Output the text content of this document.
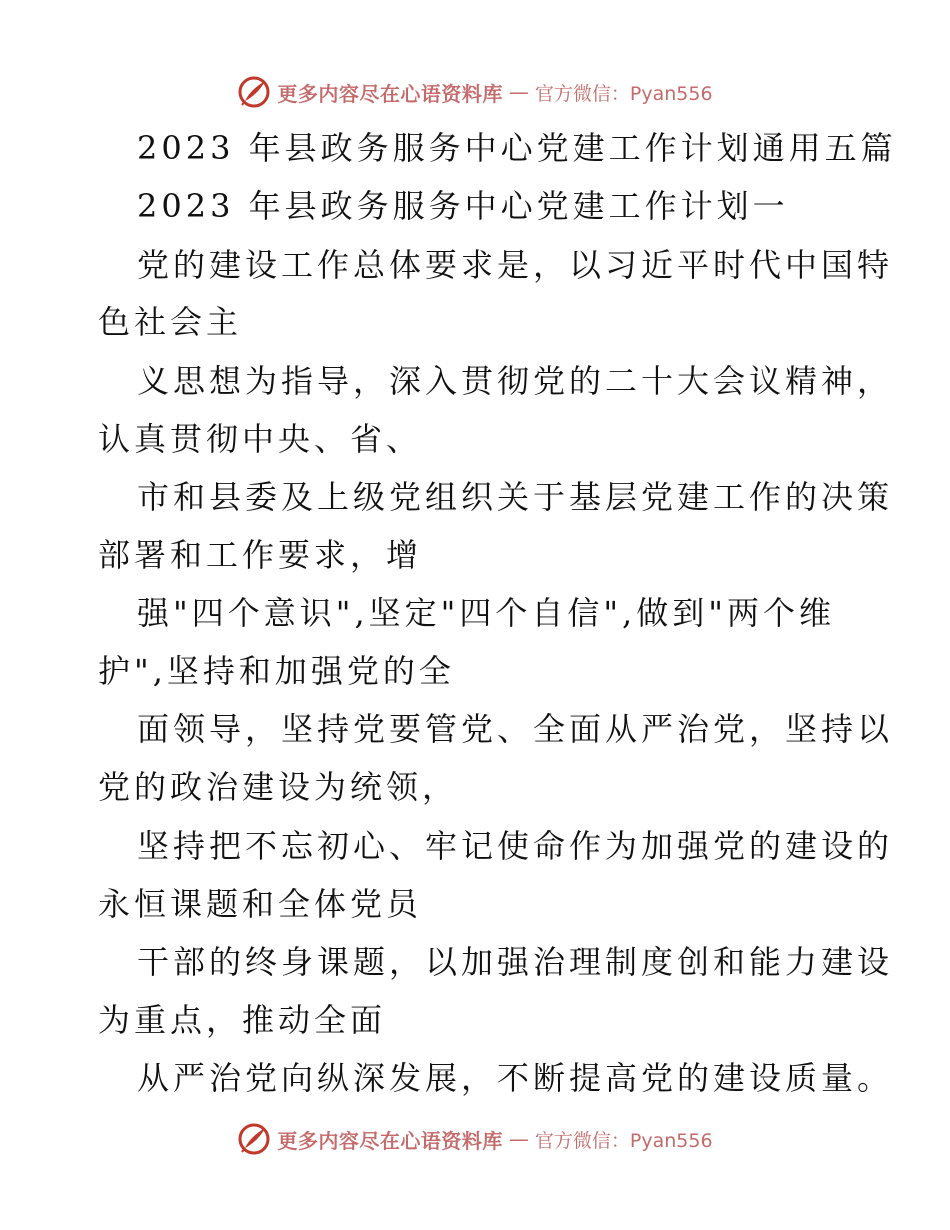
更多内容尽在心语资料库 — 官方微信：Pyan556
2023 年县政务服务中心党建工作计划通用五篇
2023 年县政务服务中心党建工作计划一
党的建设工作总体要求是，以习近平时代中国特
色社会主
义思想为指导，深入贯彻党的二十大会议精神，
认真贯彻中央、省、
市和县委及上级党组织关于基层党建工作的决策
部署和工作要求，增
强"四个意识",坚定"四个自信",做到"两个维
护",坚持和加强党的全
面领导，坚持党要管党、全面从严治党，坚持以
党的政治建设为统领，
坚持把不忘初心、牢记使命作为加强党的建设的
永恒课题和全体党员
干部的终身课题，以加强治理制度创和能力建设
为重点，推动全面
从严治党向纵深发展，不断提高党的建设质量。
更多内容尽在心语资料库 — 官方微信：Pyan556
